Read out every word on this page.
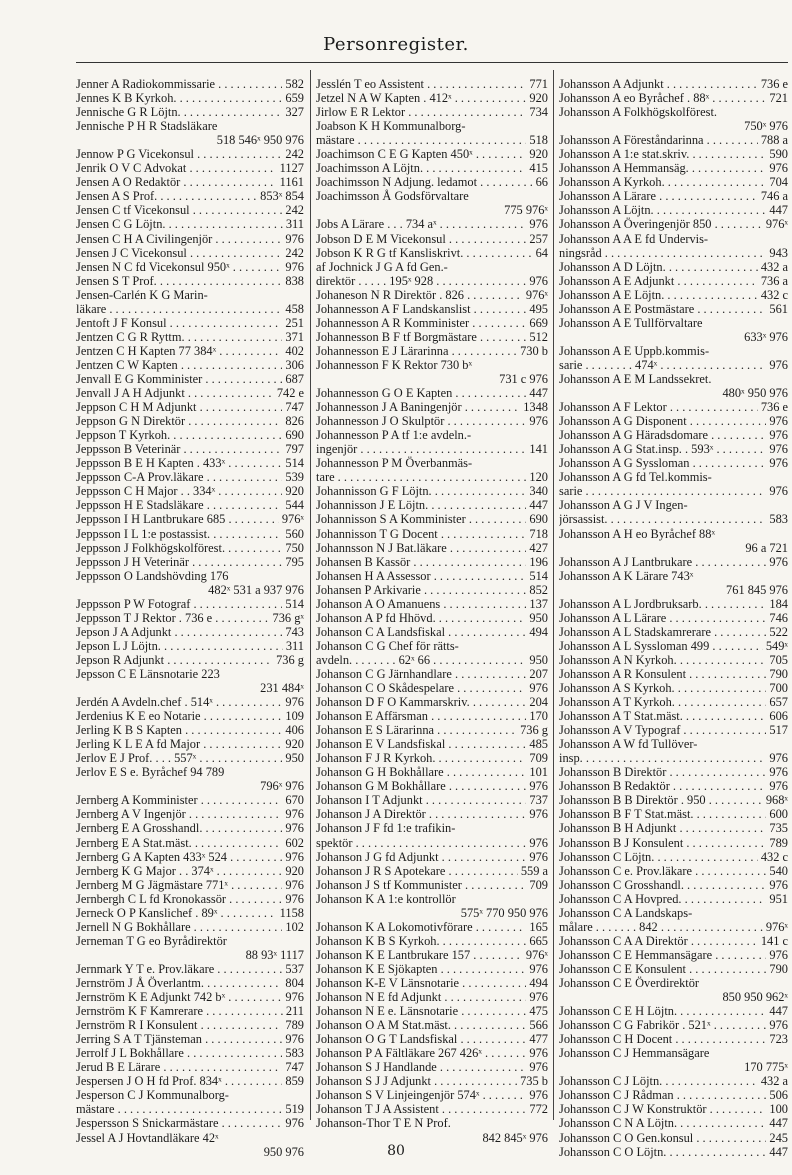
Personregister.
Jenner A Radiokommissarie . . .	582
Jennes K B Kyrkoh. . . .	659
Jennische G R Löjtn. . . .	327
Jennische P H R Stadsläkare
518 546ˣ 950 976
Jennow P G Vicekonsul . . .	242
Jenrik O V C Advokat . . .	1127
Jensen A O Redaktör . . .	1161
Jensen A S Prof. . . .	853ˣ 854
Jensen C tf Vicekonsul . . .	242
Jensen C G Löjtn. . . .	311
Jensen C H A Civilingenjör . . .	976
Jensen J C Vicekonsul . . .	242
Jensen N C fd Vicekonsul 950ˣ . . .	976
Jensen S T Prof. . . .	838
Jensen-Carlén K G Marin-
läkare . . .	458
Jentoft J F Konsul . . .	251
Jentzen C G R Ryttm. . . .	371
Jentzen C H Kapten 77 384ˣ . . .	402
Jentzen C W Kapten . . .	306
Jenvall E G Komminister . . .	687
Jenvall J A H Adjunkt . . .	742 e
Jeppson C H M Adjunkt . . .	747
Jeppson G N Direktör . . .	826
Jeppson T Kyrkoh. . . .	690
Jeppsson B Veterinär . . .	797
Jeppsson B E H Kapten . 433ˣ . . .	514
Jeppsson C-A Prov.läkare . . .	539
Jeppsson C H Major . . 334ˣ . . .	920
Jeppsson H E Stadsläkare . . .	544
Jeppsson I H Lantbrukare 685 . . .	976ˣ
Jeppsson I L 1:e postassist. . . .	560
Jeppsson J Folkhögskolförest. . . .	750
Jeppsson J H Veterinär . . .	795
Jeppsson O Landshövding 176
482ˣ 531 a 937 976
Jeppsson P W Fotograf . . .	514
Jeppsson T J Rektor . 736 e . . .	736 gˣ
Jepson J A Adjunkt . . .	743
Jepson L J Löjtn. . . .	311
Jepson R Adjunkt . . .	736 g
Jepsson C E Länsnotarie 223
231 484ˣ
Jerdén A Avdeln.chef . 514ˣ . . .	976
Jerdenius K E eo Notarie . . .	109
Jerling K B S Kapten . . .	406
Jerling K L E A fd Major . . .	920
Jerlov E J Prof. . . . 557ˣ . . .	950
Jerlov E S e. Byråchef 94 789
796ˣ 976
Jernberg A Komminister . . .	670
Jernberg A V Ingenjör . . .	976
Jernberg E A Grosshandl. . . .	976
Jernberg E A Stat.mäst. . . .	602
Jernberg G A Kapten 433ˣ 524 . . .	976
Jernberg K G Major . . 374ˣ . . .	920
Jernberg M G Jägmästare 771ˣ . . .	976
Jernbergh C L fd Kronokassör . . .	976
Jerneck O P Kanslichef . 89ˣ . . .	1158
Jernell N G Bokhållare . . .	102
Jerneman T G eo Byrådirektör
88 93ˣ 1117
Jernmark Y T e. Prov.läkare . . .	537
Jernström J Å Överlantm. . . .	804
Jernström K E Adjunkt 742 bˣ . . .	976
Jernström K F Kamrerare . . .	211
Jernström R I Konsulent . . .	789
Jerring S A T Tjänsteman . . .	976
Jerrolf J L Bokhållare . . .	583
Jerud B E Lärare . . .	747
Jespersen J O H fd Prof. 834ˣ . . .	859
Jesperson C J Kommunalborg-
mästare . . .	519
Jespersson S Snickarmästare . . .	976
Jessel A J Hovtandläkare 42ˣ
950 976
Jesslén T eo Assistent . . .	771
Jetzel N A W Kapten . 412ˣ . . .	920
Jirlow E R Lektor . . .	734
Joabson K H Kommunalborg-
mästare . . .	518
Joachimson C E G Kapten 450ˣ . . .	920
Joachimsson A Löjtn. . . .	415
Joachimsson N Adjung. ledamot . . .	66
Joachimsson Å Godsförvaltare
775 976ˣ
Jobs A Lärare . . . 734 aˣ . . .	976
Jobson D E M Vicekonsul . . .	257
Jobson K R G tf Kansliskrivt. . . .	64
af Jochnick J G A fd Gen.-
direktör . . . . . 195ˣ 928 . . .	976
Johaneson N R Direktör . 826 . . .	976ˣ
Johannesson A F Landskanslist . . .	495
Johannesson A R Komminister . . .	669
Johannesson B F tf Borgmästare . . .	512
Johannesson E J Lärarinna . . .	730 b
Johannesson F K Rektor 730 bˣ
731 c 976
Johannesson G O E Kapten . . .	447
Johannesson J A Baningenjör . . .	1348
Johannesson J O Skulptör . . .	976
Johannesson P A tf 1:e avdeln.-
ingenjör . . .	141
Johannesson P M Överbanmäs-
tare . . .	120
Johannisson G F Löjtn. . . .	340
Johannisson J E Löjtn. . . .	447
Johannisson S A Komminister . . .	690
Johannisson T G Docent . . .	718
Johannsson N J Bat.läkare . . .	427
Johansen B Kassör . . .	196
Johansen H A Assessor . . .	514
Johansen P Arkivarie . . .	852
Johanson A O Amanuens . . .	137
Johanson A P fd Hhövd. . . .	950
Johanson C A Landsfiskal . . .	494
Johanson C G Chef för rätts-
avdeln. . . . . . . . 62ˣ 66 . . .	950
Johanson C G Järnhandlare . . .	207
Johanson C O Skådespelare . . .	976
Johanson D F O Kammarskriv. . . .	204
Johanson E Affärsman . . .	170
Johanson E S Lärarinna . . .	736 g
Johanson E V Landsfiskal . . .	485
Johanson F J R Kyrkoh. . . .	709
Johanson G H Bokhållare . . .	101
Johanson G M Bokhållare . . .	976
Johanson I T Adjunkt . . .	737
Johanson J A Direktör . . .	976
Johanson J F fd 1:e trafikin-
spektör . . .	976
Johanson J G fd Adjunkt . . .	976
Johanson J R S Apotekare . . .	559 a
Johanson J S tf Kommunister . . .	709
Johanson K A 1:e kontrollör
575ˣ 770 950 976
Johanson K A Lokomotivförare . . .	165
Johanson K B S Kyrkoh. . . .	665
Johanson K E Lantbrukare 157 . . .	976ˣ
Johanson K E Sjökapten . . .	976
Johanson K-E V Länsnotarie . . .	494
Johanson N E fd Adjunkt . . .	976
Johanson N E e. Länsnotarie . . .	475
Johanson O A M Stat.mäst. . . .	566
Johanson O G T Landsfiskal . . .	477
Johanson P A Fältläkare 267 426ˣ . . .	976
Johanson S J Handlande . . .	976
Johanson S J J Adjunkt . . .	735 b
Johanson S V Linjeingenjör 574ˣ . . .	976
Johanson T J A Assistent . . .	772
Johanson-Thor T E N Prof.
842 845ˣ 976
Johansson A Adjunkt . . .	736 e
Johansson A eo Byråchef . 88ˣ . . .	721
Johansson A Folkhögskolförest.
750ˣ 976
Johansson A Föreståndarinna . . .	788 a
Johansson A 1:e stat.skriv. . . .	590
Johansson A Hemmansäg. . . .	976
Johansson A Kyrkoh. . . .	704
Johansson A Lärare . . .	746 a
Johansson A Löjtn. . . .	447
Johansson A Överingenjör 850 . . .	976ˣ
Johansson A A E fd Undervis-
ningsråd . . .	943
Johansson A D Löjtn. . . .	432 a
Johansson A E Adjunkt . . .	736 a
Johansson A E Löjtn. . . .	432 c
Johansson A E Postmästare . . .	561
Johansson A E Tullförvaltare
633ˣ 976
Johansson A E Uppb.kommis-
sarie . . . . . . . . 474ˣ . . .	976
Johansson A E M Landssekret.
480ˣ 950 976
Johansson A F Lektor . . .	736 e
Johansson A G Disponent . . .	976
Johansson A G Häradsdomare . . .	976
Johansson A G Stat.insp. . 593ˣ . . .	976
Johansson A G Syssloman . . .	976
Johansson A G fd Tel.kommis-
sarie . . .	976
Johansson A G J V Ingen-
jörsassist. . . .	583
Johansson A H eo Byråchef 88ˣ
96 a 721
Johansson A J Lantbrukare . . .	976
Johansson A K Lärare 743ˣ
761 845 976
Johansson A L Jordbruksarb. . . .	184
Johansson A L Lärare . . .	746
Johansson A L Stadskamrerare . . .	522
Johansson A L Syssloman 499 . . .	549ˣ
Johansson A N Kyrkoh. . . .	705
Johansson A R Konsulent . . .	790
Johansson A S Kyrkoh. . . .	700
Johansson A T Kyrkoh. . . .	657
Johansson A T Stat.mäst. . . .	606
Johansson A V Typograf . . .	517
Johansson A W fd Tullöver-
insp. . . .	976
Johansson B Direktör . . .	976
Johansson B Redaktör . . .	976
Johansson B B Direktör . 950 . . .	968ˣ
Johansson B F T Stat.mäst. . . .	600
Johansson B H Adjunkt . . .	735
Johansson B J Konsulent . . .	789
Johansson C Löjtn. . . .	432 c
Johansson C e. Prov.läkare . . .	540
Johansson C Grosshandl. . . .	976
Johansson C A Hovpred. . . .	951
Johansson C A Landskaps-
målare . . . . . . . 842 . . .	976ˣ
Johansson C A A Direktör . . .	141 c
Johansson C E Hemmansägare . . .	976
Johansson C E Konsulent . . .	790
Johansson C E Överdirektör
850 950 962ˣ
Johansson C E H Löjtn. . . .	447
Johansson C G Fabrikör . 521ˣ . . .	976
Johansson C H Docent . . .	723
Johansson C J Hemmansägare
170 775ˣ
Johansson C J Löjtn. . . .	432 a
Johansson C J Rådman . . .	506
Johansson C J W Konstruktör . . .	100
Johansson C N A Löjtn. . . .	447
Johansson C O Gen.konsul . . .	245
Johansson C O Löjtn. . . .	447
80
